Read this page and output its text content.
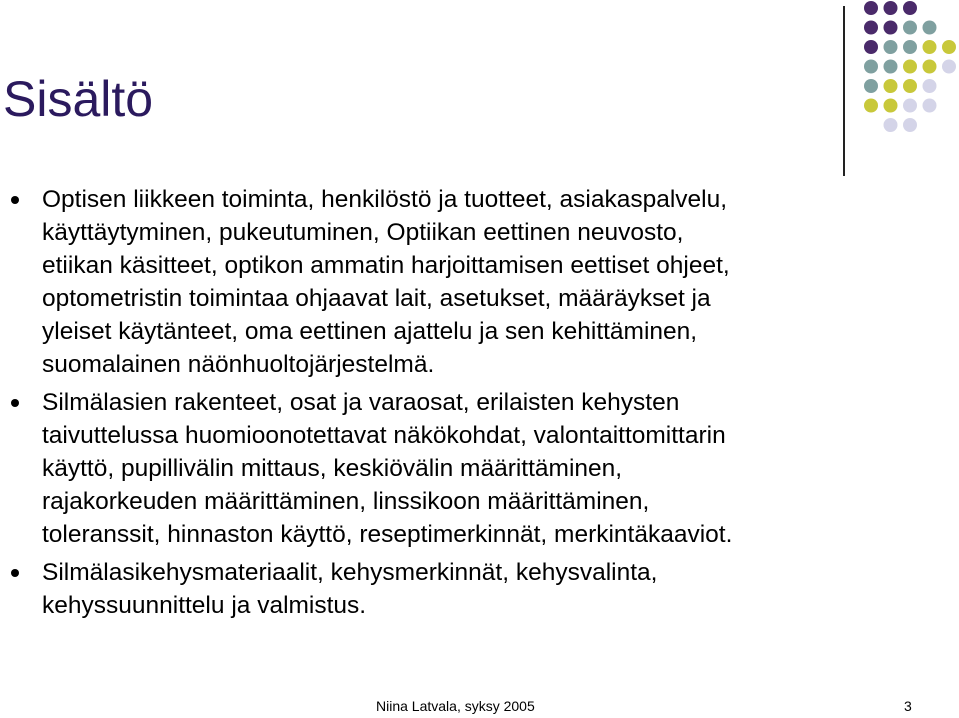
Sisältö
Optisen liikkeen toiminta, henkilöstö ja tuotteet, asiakaspalvelu,
käyttäytyminen, pukeutuminen, Optiikan eettinen neuvosto,
etiikan käsitteet, optikon ammatin harjoittamisen eettiset ohjeet,
optometristin toimintaa ohjaavat lait, asetukset, määräykset ja
yleiset käytänteet, oma eettinen ajattelu ja sen kehittäminen,
suomalainen näönhuoltojärjestelmä.
Silmälasien rakenteet, osat ja varaosat, erilaisten kehysten
taivuttelussa huomioonotettavat näkökohdat, valontaittomittarin
käyttö, pupillivälin mittaus, keskiövälin määrittäminen,
rajakorkeuden määrittäminen, linssikoon määrittäminen,
toleranssit, hinnaston käyttö, reseptimerkinnät, merkintäkaaviot.
Silmälasikehysmateriaalit, kehysmerkinnät, kehysvalinta,
kehyssuunnittelu ja valmistus.
Niina Latvala, syksy 2005	3
